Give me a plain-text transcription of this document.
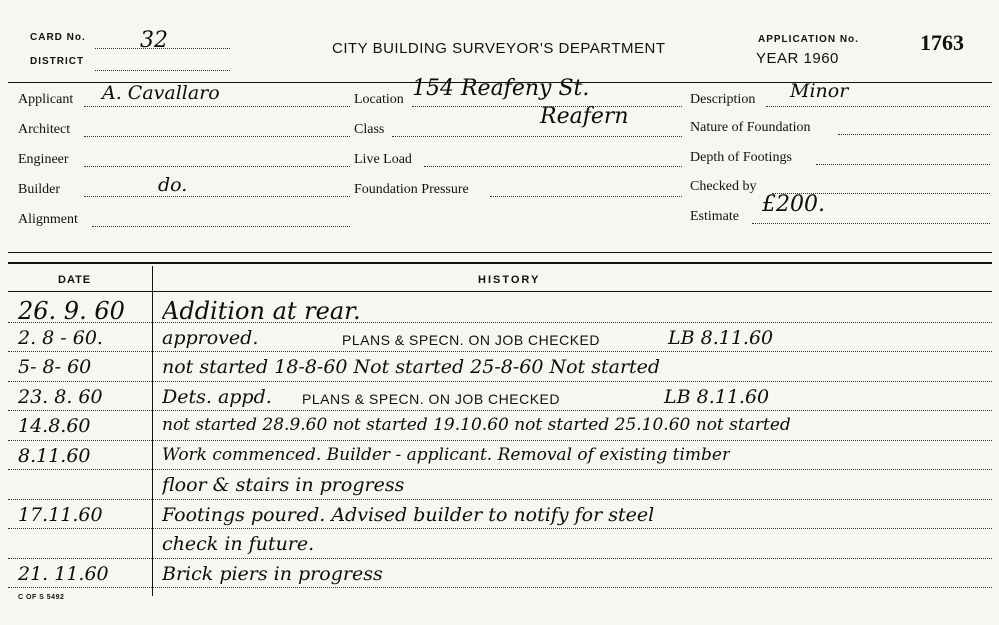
CARD No. 32
DISTRICT
CITY BUILDING SURVEYOR'S DEPARTMENT
APPLICATION No.	1763
YEAR 1960
Applicant A. Cavallaro
Architect
Engineer
Builder	do.
Alignment
Location 154 Reafeny St.
Reafern
Class
Live Load
Foundation Pressure
Description Minor
Nature of Foundation
Depth of Footings
Checked by
Estimate £200.
DATE	HISTORY
26. 9. 60 Addition at rear.
2. 8 - 60.	approved.	PLANS & SPECN. ON JOB CHECKED	LB 8.11.60
5- 8- 60	not started 18-8-60 Not started 25-8-60 Not started
23. 8. 60	Dets. appd. PLANS & SPECN. ON JOB CHECKED	LB 8.11.60
14.8.60	not started 28.9.60 not started 19.10.60 not started 25.10.60 not started
8.11.60	Work commenced. Builder - applicant. Removal of existing timber
floor & stairs in progress
17.11.60	Footings poured. Advised builder to notify for steel
check in future.
21. 11.60	Brick piers in progress
C OF S 5492
